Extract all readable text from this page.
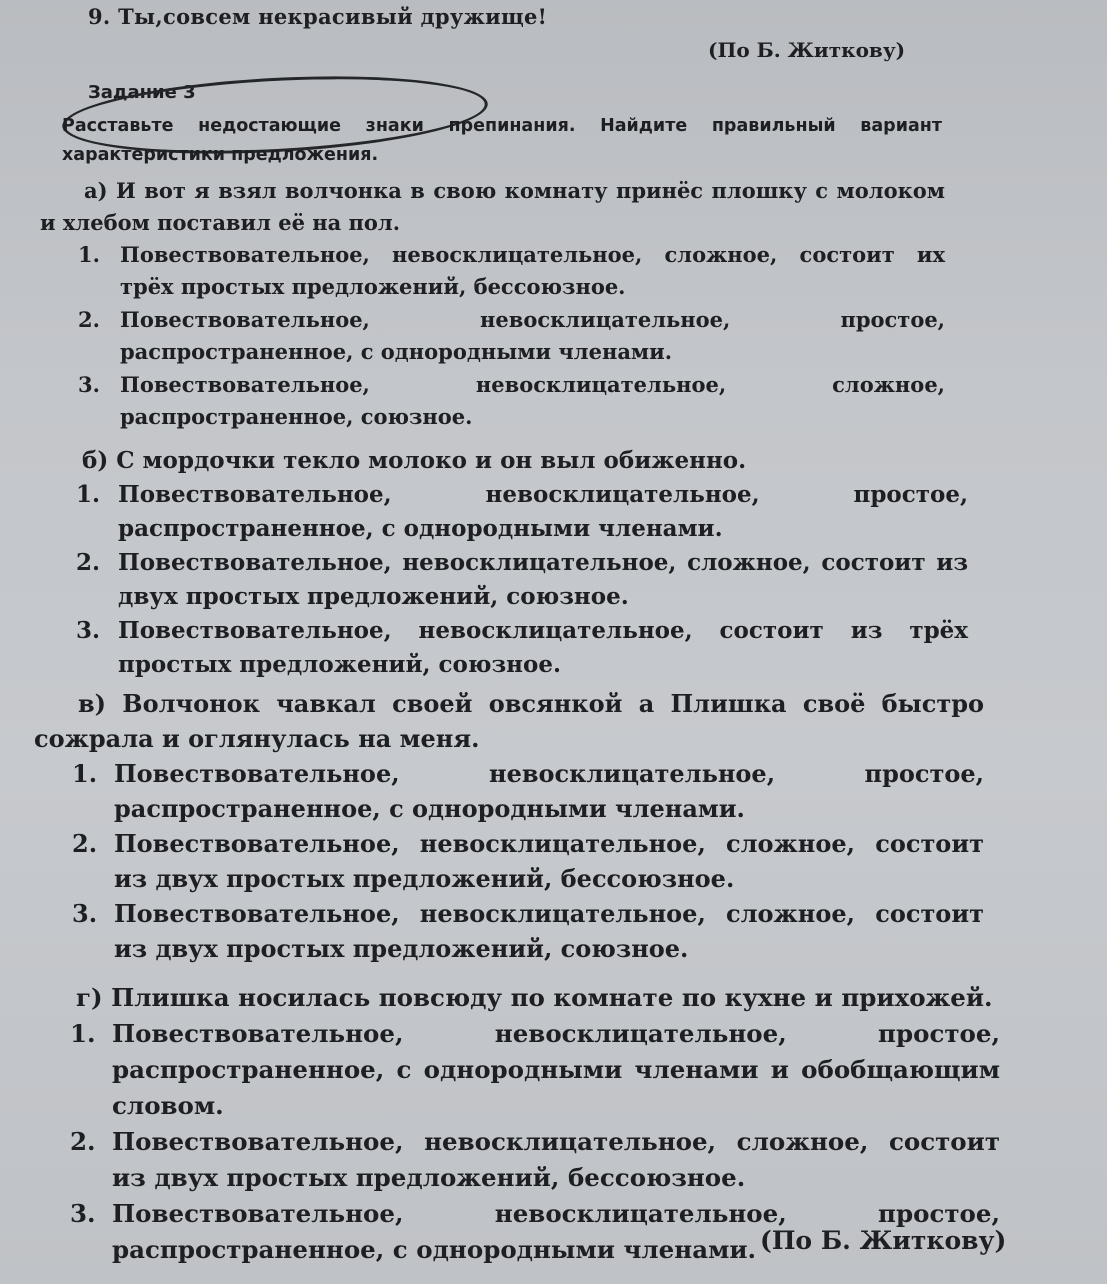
9. Ты,совсем некрасивый дружище!
(По Б. Житкову)
Задание 3
Расставьте недостающие знаки препинания. Найдите правильный вариант характеристики предложения.

а) И вот я взял волчонка в свою комнату принёс плошку с молоком и хлебом поставил её на пол.

1. Повествовательное, невосклицательное, сложное, состоит их трёх простых предложений, бессоюзное.
2. Повествовательное, невосклицательное, простое, распространенное, с однородными членами.
3. Повествовательное, невосклицательное, сложное, распространенное, союзное.

б) С мордочки текло молоко и он выл обиженно.

1. Повествовательное, невосклицательное, простое, распространенное, с однородными членами.
2. Повествовательное, невосклицательное, сложное, состоит из двух простых предложений, союзное.
3. Повествовательное, невосклицательное, состоит из трёх простых предложений, союзное.

в) Волчонок чавкал своей овсянкой а Плишка своё быстро сожрала и оглянулась на меня.

1. Повествовательное, невосклицательное, простое, распространенное, с однородными членами.
2. Повествовательное, невосклицательное, сложное, состоит из двух простых предложений, бессоюзное.
3. Повествовательное, невосклицательное, сложное, состоит из двух простых предложений, союзное.

г) Плишка носилась повсюду по комнате по кухне и прихожей.

1. Повествовательное, невосклицательное, простое, распространенное, с однородными членами и обобщающим словом.
2. Повествовательное, невосклицательное, сложное, состоит из двух простых предложений, бессоюзное.
3. Повествовательное, невосклицательное, простое, распространенное, с однородными членами. (По Б. Житкову)
